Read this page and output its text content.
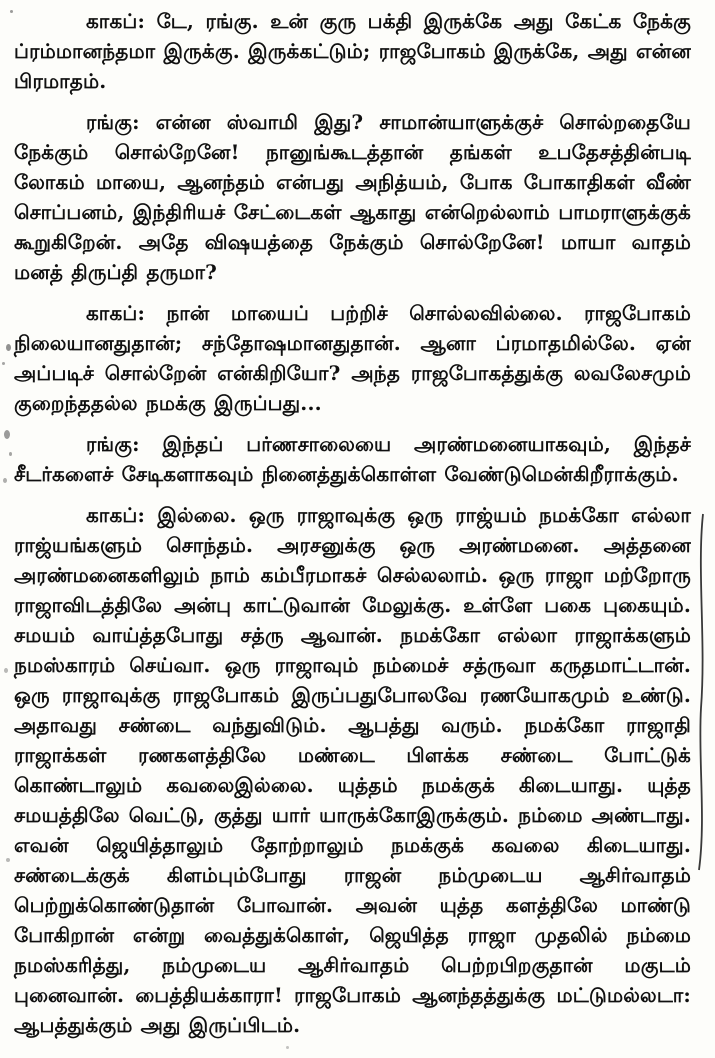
காகப்: டே, ரங்கு. உன் குரு பக்தி இருக்கே அது கேட்க நேக்கு ப்ரம்மானந்தமா இருக்கு. இருக்கட்டும்; ராஜபோகம் இருக்கே, அது என்ன பிரமாதம்.

ரங்கு: என்ன ஸ்வாமி இது? சாமான்யாளுக்குச் சொல்றதையே நேக்கும் சொல்றேனே! நானுங்கூடத்தான் தங்கள் உபதேசத்தின்படி லோகம் மாயை, ஆனந்தம் என்பது அநித்யம், போக போகாதிகள் வீண் சொப்பனம், இந்திரியச் சேட்டைகள் ஆகாது என்றெல்லாம் பாமராளுக்குக் கூறுகிறேன். அதே விஷயத்தை நேக்கும் சொல்றேனே! மாயா வாதம் மனத் திருப்தி தருமா?

காகப்: நான் மாயைப் பற்றிச் சொல்லவில்லை. ராஜபோகம் நிலையானதுதான்; சந்தோஷமானதுதான். ஆனா ப்ரமாதமில்லே. ஏன் அப்படிச் சொல்றேன் என்கிறியோ? அந்த ராஜபோகத்துக்கு லவலேசமும் குறைந்ததல்ல நமக்கு இருப்பது...

ரங்கு: இந்தப் பர்ணசாலையை அரண்மனையாகவும், இந்தச் சீடர்களைச் சேடிகளாகவும் நினைத்துக்கொள்ள வேண்டுமென்கிறீராக்கும்.

காகப்: இல்லை. ஒரு ராஜாவுக்கு ஒரு ராஜ்யம் நமக்கோ எல்லா ராஜ்யங்களும் சொந்தம். அரசனுக்கு ஒரு அரண்மனை. அத்தனை அரண்மனைகளிலும் நாம் கம்பீரமாகச் செல்லலாம். ஒரு ராஜா மற்றோரு ராஜாவிடத்திலே அன்பு காட்டுவான் மேலுக்கு. உள்ளே பகை புகையும். சமயம் வாய்த்தபோது சத்ரு ஆவான். நமக்கோ எல்லா ராஜாக்களும் நமஸ்காரம் செய்வா. ஒரு ராஜாவும் நம்மைச் சத்ருவா கருதமாட்டான். ஒரு ராஜாவுக்கு ராஜபோகம் இருப்பதுபோலவே ரணயோகமும் உண்டு. அதாவது சண்டை வந்துவிடும். ஆபத்து வரும். நமக்கோ ராஜாதி ராஜாக்கள் ரணகளத்திலே மண்டை பிளக்க சண்டை போட்டுக் கொண்டாலும் கவலைஇல்லை. யுத்தம் நமக்குக் கிடையாது. யுத்த சமயத்திலே வெட்டு, குத்து யார் யாருக்கோஇருக்கும். நம்மை அண்டாது. எவன் ஜெயித்தாலும் தோற்றாலும் நமக்குக் கவலை கிடையாது. சண்டைக்குக் கிளம்பும்போது ராஜன் நம்முடைய ஆசிர்வாதம் பெற்றுக்கொண்டுதான் போவான். அவன் யுத்த களத்திலே மாண்டு போகிறான் என்று வைத்துக்கொள், ஜெயித்த ராஜா முதலில் நம்மை நமஸ்கரித்து, நம்முடைய ஆசிர்வாதம் பெற்றபிறகுதான் மகுடம் புனைவான். பைத்தியக்காரா! ராஜபோகம் ஆனந்தத்துக்கு மட்டுமல்லடா: ஆபத்துக்கும் அது இருப்பிடம்.
